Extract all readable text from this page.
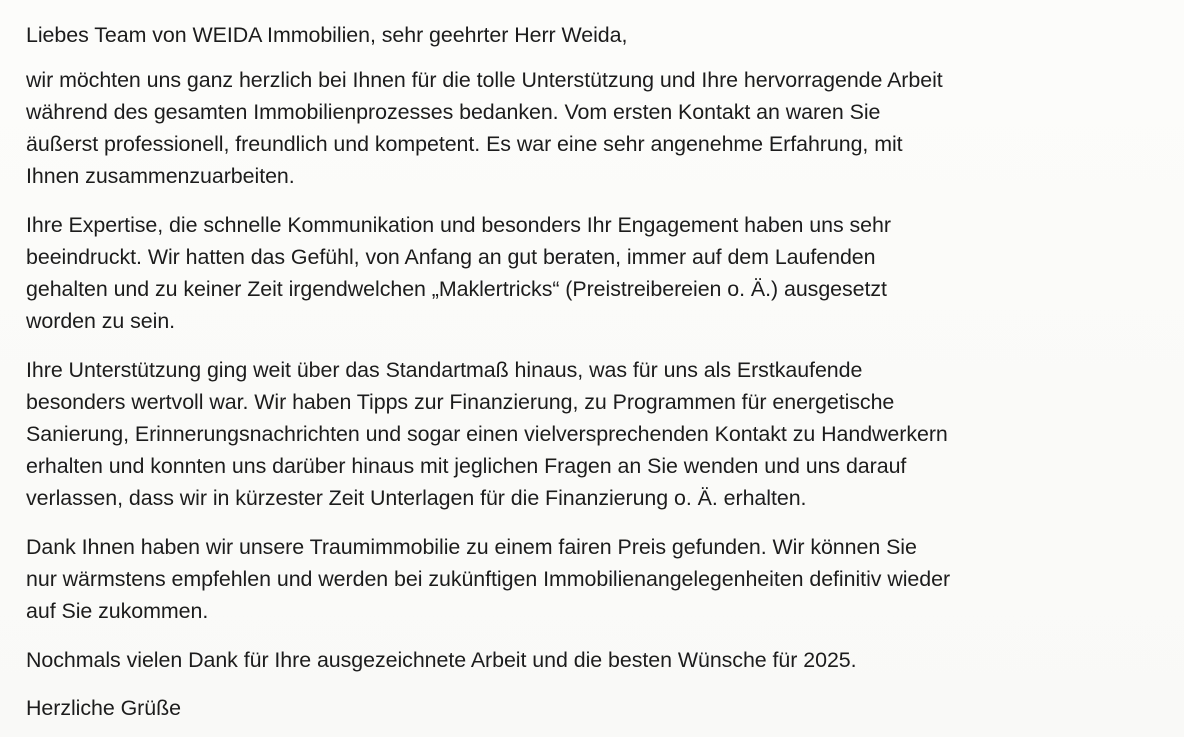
Liebes Team von WEIDA Immobilien, sehr geehrter Herr Weida,

wir möchten uns ganz herzlich bei Ihnen für die tolle Unterstützung und Ihre hervorragende Arbeit
während des gesamten Immobilienprozesses bedanken. Vom ersten Kontakt an waren Sie
äußerst professionell, freundlich und kompetent. Es war eine sehr angenehme Erfahrung, mit
Ihnen zusammenzuarbeiten.

Ihre Expertise, die schnelle Kommunikation und besonders Ihr Engagement haben uns sehr
beeindruckt. Wir hatten das Gefühl, von Anfang an gut beraten, immer auf dem Laufenden
gehalten und zu keiner Zeit irgendwelchen „Maklertricks“ (Preistreibereien o. Ä.) ausgesetzt
worden zu sein.

Ihre Unterstützung ging weit über das Standartmaß hinaus, was für uns als Erstkaufende
besonders wertvoll war. Wir haben Tipps zur Finanzierung, zu Programmen für energetische
Sanierung, Erinnerungsnachrichten und sogar einen vielversprechenden Kontakt zu Handwerkern
erhalten und konnten uns darüber hinaus mit jeglichen Fragen an Sie wenden und uns darauf
verlassen, dass wir in kürzester Zeit Unterlagen für die Finanzierung o. Ä. erhalten.

Dank Ihnen haben wir unsere Traumimmobilie zu einem fairen Preis gefunden. Wir können Sie
nur wärmstens empfehlen und werden bei zukünftigen Immobilienangelegenheiten definitiv wieder
auf Sie zukommen.

Nochmals vielen Dank für Ihre ausgezeichnete Arbeit und die besten Wünsche für 2025.

Herzliche Grüße
